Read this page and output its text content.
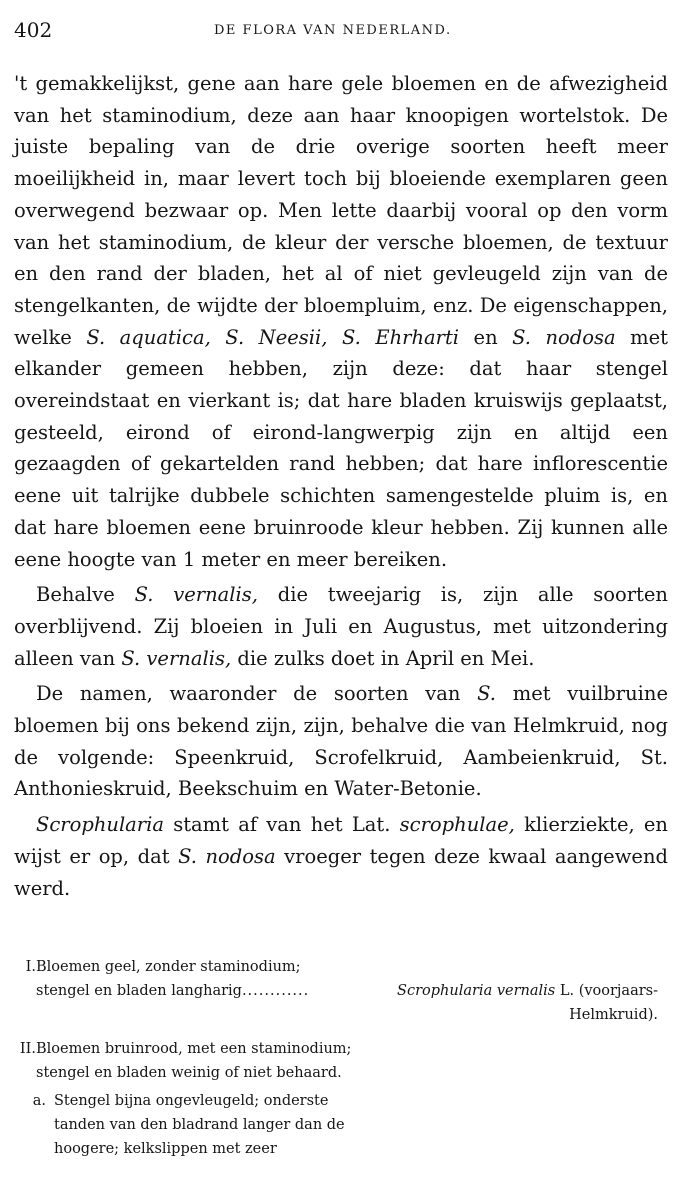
402	DE FLORA VAN NEDERLAND.

't gemakkelijkst, gene aan hare gele bloemen en de afwezigheid van het staminodium, deze aan haar knoopigen wortelstok. De juiste bepaling van de drie overige soorten heeft meer moeilijkheid in, maar levert toch bij bloeiende exemplaren geen overwegend bezwaar op. Men lette daarbij vooral op den vorm van het staminodium, de kleur der versche bloemen, de textuur en den rand der bladen, het al of niet gevleugeld zijn van de stengelkanten, de wijdte der bloempluim, enz. De eigenschappen, welke S. aquatica, S. Neesii, S. Ehrharti en S. nodosa met elkander gemeen hebben, zijn deze: dat haar stengel overeindstaat en vierkant is; dat hare bladen kruiswijs geplaatst, gesteeld, eirond of eirond-langwerpig zijn en altijd een gezaagden of gekartelden rand hebben; dat hare inflorescentie eene uit talrijke dubbele schichten samengestelde pluim is, en dat hare bloemen eene bruinroode kleur hebben. Zij kunnen alle eene hoogte van 1 meter en meer bereiken.

Behalve S. vernalis, die tweejarig is, zijn alle soorten overblijvend. Zij bloeien in Juli en Augustus, met uitzondering alleen van S. vernalis, die zulks doet in April en Mei.

De namen, waaronder de soorten van S. met vuilbruine bloemen bij ons bekend zijn, zijn, behalve die van Helmkruid, nog de volgende: Speenkruid, Scrofelkruid, Aambeienkruid, St. Anthonieskruid, Beekschuim en Water-Betonie.

Scrophularia stamt af van het Lat. scrophulae, klierziekte, en wijst er op, dat S. nodosa vroeger tegen deze kwaal aangewend werd.

I. Bloemen geel, zonder staminodium; stengel en bladen langharig............	Scrophularia vernalis L. (voorjaars-Helmkruid).
II. Bloemen bruinrood, met een staminodium; stengel en bladen weinig of niet behaard.
a. Stengel bijna ongevleugeld; onderste tanden van den bladrand langer dan de hoogere; kelkslippen met zeer
